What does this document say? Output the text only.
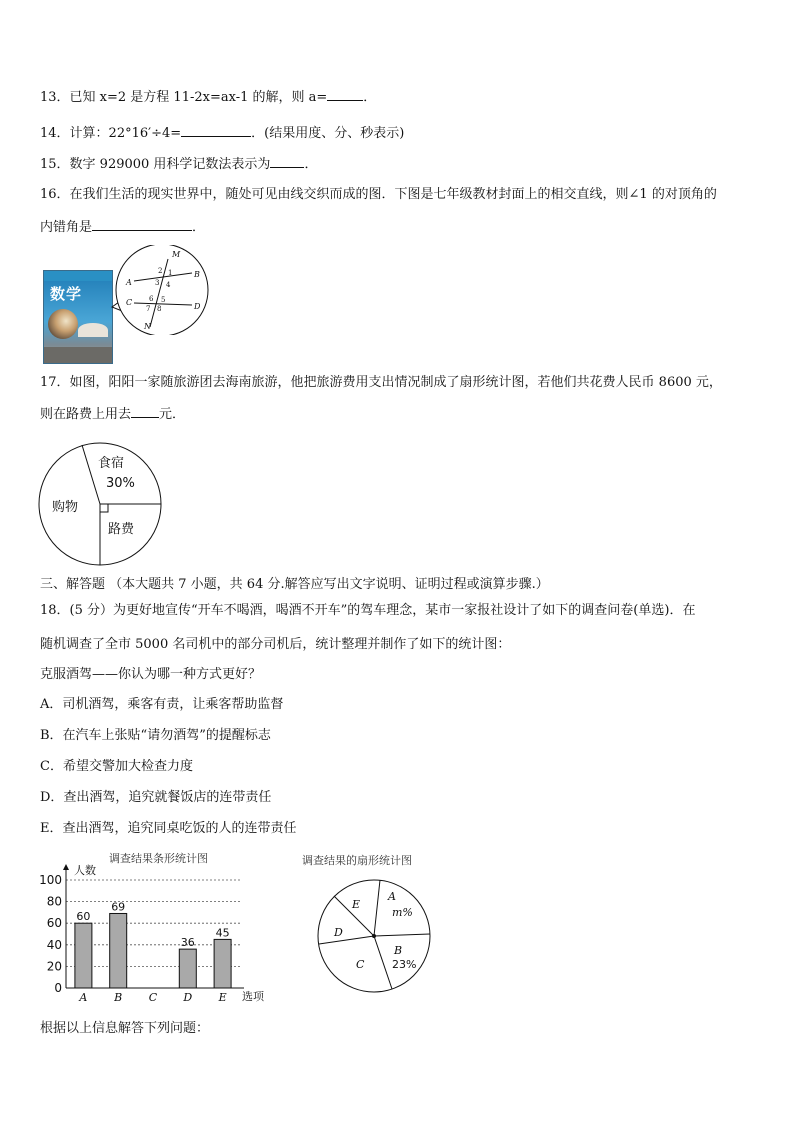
13．已知 x=2 是方程 11-2x=ax-1 的解，则 a=	．
14．计算：22°16′÷4=	．(结果用度、分、秒表示)
15．数字 929000 用科学记数法表示为	．
16．在我们生活的现实世界中，随处可见由线交织而成的图．下图是七年级教材封面上的相交直线，则∠1 的对顶角的
内错角是	．
数学
M
A
B
C	D
N
1
2
3 4
5
6
7 8
17．如图，阳阳一家随旅游团去海南旅游，他把旅游费用支出情况制成了扇形统计图，若他们共花费人民币 8600 元，
则在路费上用去 元．
食宿
30%
购物
路费
三、解答题 （本大题共 7 小题，共 64 分.解答应写出文字说明、证明过程或演算步骤.）
18．(5 分）为更好地宣传“开车不喝酒，喝酒不开车”的驾车理念，某市一家报社设计了如下的调查问卷(单选)．在
随机调查了全市 5000 名司机中的部分司机后，统计整理并制作了如下的统计图：
克服酒驾——你认为哪一种方式更好？
A．司机酒驾，乘客有责，让乘客帮助监督
B．在汽车上张贴“请勿酒驾”的提醒标志
C．希望交警加大检查力度
D．查出酒驾，追究就餐饭店的连带责任
E．查出酒驾，追究同桌吃饭的人的连带责任
调查结果条形统计图
人数
选项
0
20
40
60
80
100
60
69
36
45
A B C D E
调查结果的扇形统计图
A
m%
B
C
D
E
23%
根据以上信息解答下列问题：
